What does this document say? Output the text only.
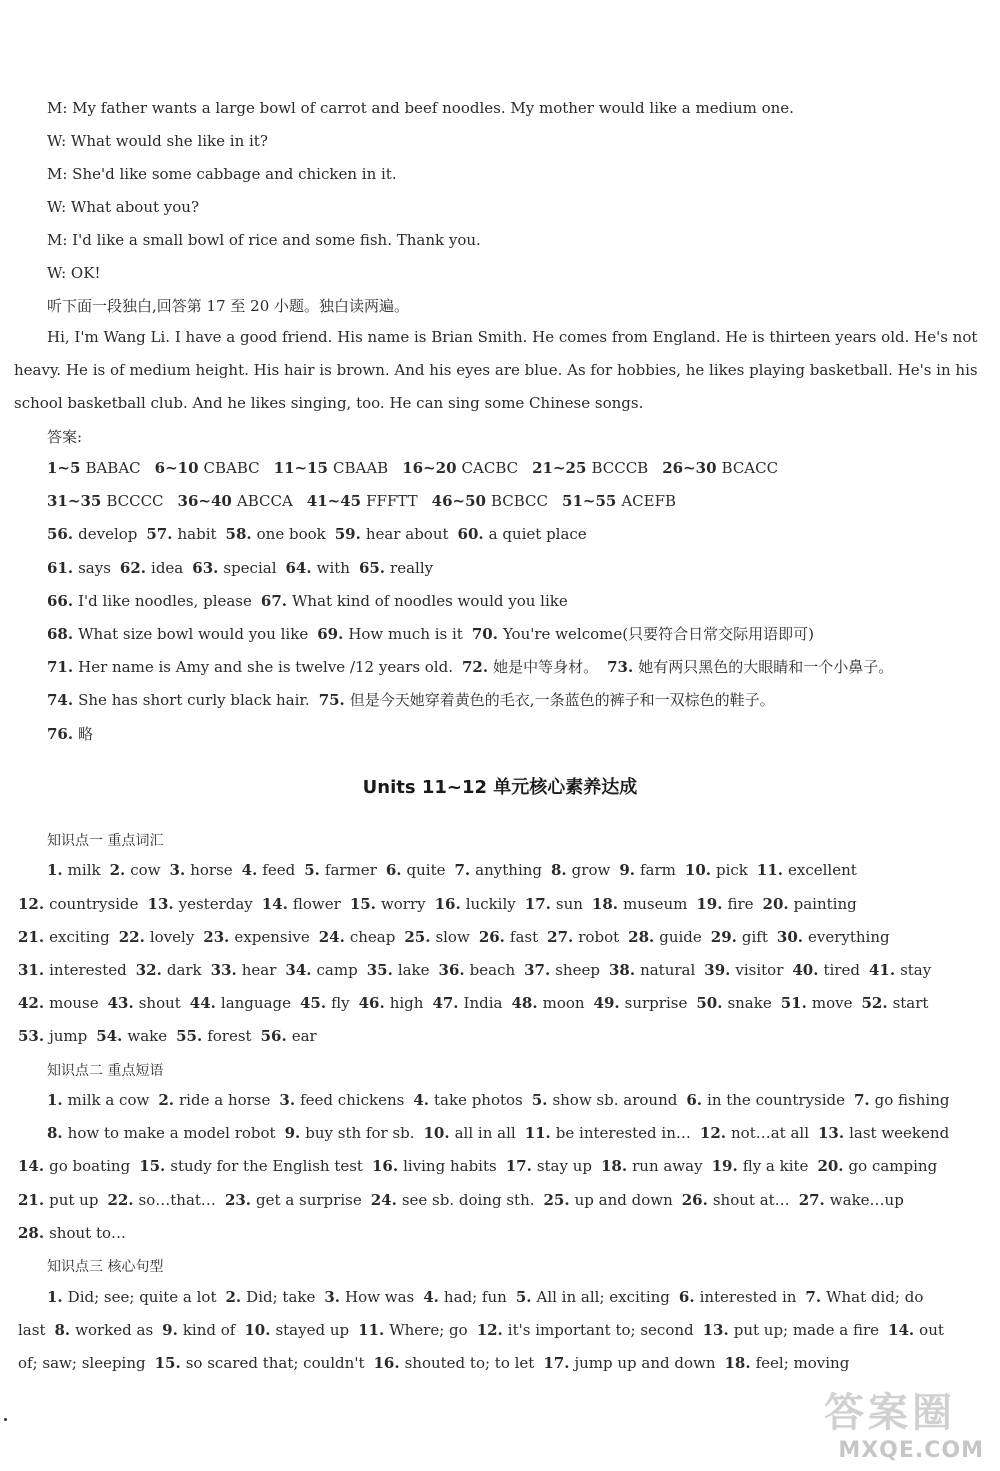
M: My father wants a large bowl of carrot and beef noodles. My mother would like a medium one.
W: What would she like in it?
M: She'd like some cabbage and chicken in it.
W: What about you?
M: I'd like a small bowl of rice and some fish. Thank you.
W: OK!
听下面一段独白,回答第 17 至 20 小题。独白读两遍。
Hi, I'm Wang Li. I have a good friend. His name is Brian Smith. He comes from England. He is thirteen years old. He's not
heavy. He is of medium height. His hair is brown. And his eyes are blue. As for hobbies, he likes playing basketball. He's in his
school basketball club. And he likes singing, too. He can sing some Chinese songs.
答案:
1~5 BABAC 6~10 CBABC 11~15 CBAAB 16~20 CACBC 21~25 BCCCB 26~30 BCACC
31~35 BCCCC 36~40 ABCCA 41~45 FFFTT 46~50 BCBCC 51~55 ACEFB
56. develop 57. habit 58. one book 59. hear about 60. a quiet place
61. says 62. idea 63. special 64. with 65. really
66. I'd like noodles, please 67. What kind of noodles would you like
68. What size bowl would you like 69. How much is it 70. You're welcome(只要符合日常交际用语即可)
71. Her name is Amy and she is twelve /12 years old. 72. 她是中等身材。 73. 她有两只黑色的大眼睛和一个小鼻子。
74. She has short curly black hair. 75. 但是今天她穿着黄色的毛衣,一条蓝色的裤子和一双棕色的鞋子。
76. 略
Units 11~12 单元核心素养达成
知识点一 重点词汇
1. milk 2. cow 3. horse 4. feed 5. farmer 6. quite 7. anything 8. grow 9. farm 10. pick 11. excellent
12. countryside 13. yesterday 14. flower 15. worry 16. luckily 17. sun 18. museum 19. fire 20. painting
21. exciting 22. lovely 23. expensive 24. cheap 25. slow 26. fast 27. robot 28. guide 29. gift 30. everything
31. interested 32. dark 33. hear 34. camp 35. lake 36. beach 37. sheep 38. natural 39. visitor 40. tired 41. stay
42. mouse 43. shout 44. language 45. fly 46. high 47. India 48. moon 49. surprise 50. snake 51. move 52. start
53. jump 54. wake 55. forest 56. ear
知识点二 重点短语
1. milk a cow 2. ride a horse 3. feed chickens 4. take photos 5. show sb. around 6. in the countryside 7. go fishing
8. how to make a model robot 9. buy sth for sb. 10. all in all 11. be interested in… 12. not…at all 13. last weekend
14. go boating 15. study for the English test 16. living habits 17. stay up 18. run away 19. fly a kite 20. go camping
21. put up 22. so…that… 23. get a surprise 24. see sb. doing sth. 25. up and down 26. shout at… 27. wake…up
28. shout to…
知识点三 核心句型
1. Did; see; quite a lot 2. Did; take 3. How was 4. had; fun 5. All in all; exciting 6. interested in 7. What did; do
last 8. worked as 9. kind of 10. stayed up 11. Where; go 12. it's important to; second 13. put up; made a fire 14. out
of; saw; sleeping 15. so scared that; couldn't 16. shouted to; to let 17. jump up and down 18. feel; moving
答案圈
MXQE.COM
